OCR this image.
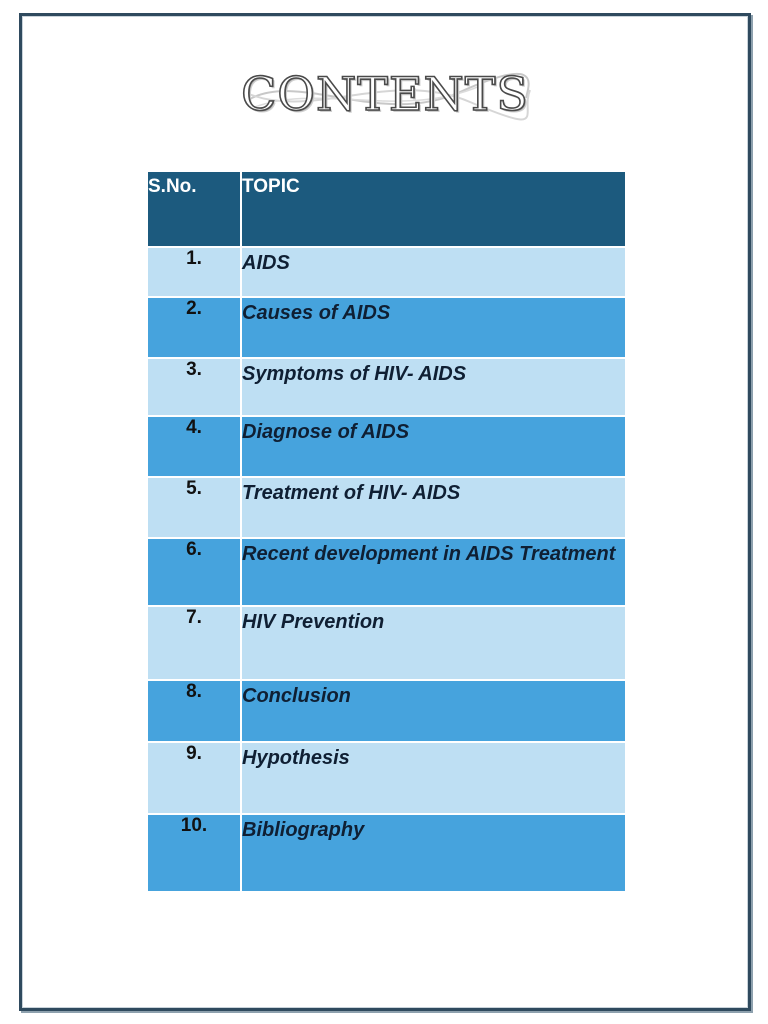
CONTENTS
S.No.	TOPIC
1.	AIDS
2.	Causes of AIDS
3.	Symptoms of HIV- AIDS
4.	Diagnose of AIDS
5.	Treatment of HIV- AIDS
6.	Recent development in AIDS Treatment
7.	HIV Prevention
8.	Conclusion
9.	Hypothesis
10.	Bibliography
